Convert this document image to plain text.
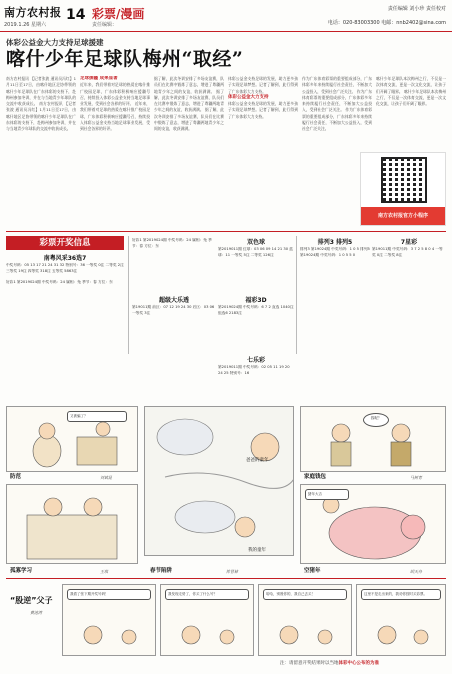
南方农村报
2019.1.26 星期六
14 彩票/漫画
责任编辑：
责任编辑 刘小珍 责任校对
电话：020-83003300 电邮：nnb2402@sina.com
体彩公益金大力支持足球援建
喀什少年足球队梅州“取经”
南方农村报讯 【记者张波 通讯员冯红】1月11日至17日，由喀什地区足协带领的喀什少年足球队在广东体彩的支持下，赴梅州参加冬训，并在与当地青少年球队的交流中收获成长。 南方农村报讯 【记者张波 通讯员冯红】1月11日至17日，由喀什地区足协带领的喀什少年足球队在广东体彩的支持下，赴梅州参加冬训，并在与当地青少年球队的交流中收获成长。
足球援疆 成果显著
近年来，我们带着对足球的热爱在喀什推广校园足球，广东体彩积极响应援疆号召，持续投入体彩公益金支持当地足球事业发展，受到社会各界的好评。 近年来，我们带着对足球的热爱在喀什推广校园足球，广东体彩积极响应援疆号召，持续投入体彩公益金支持当地足球事业发展，受到社会各界的好评。
据了解，此次冬训安排了多场友谊赛，队员们在比赛中锻炼了意志，增进了粤疆两地青少年之间的友谊，收获满满。 据了解，此次冬训安排了多场友谊赛，队员们在比赛中锻炼了意志，增进了粤疆两地青少年之间的友谊，收获满满。 据了解，此次冬训安排了多场友谊赛，队员们在比赛中锻炼了意志，增进了粤疆两地青少年之间的友谊，收获满满。
体彩公益金支持足球的发展，助力更多孩子实现足球梦想。记者了解到，此行得到了广东体彩大力支持。
体彩公益金大力支持
体彩公益金支持足球的发展，助力更多孩子实现足球梦想。记者了解到，此行得到了广东体彩大力支持。
作为广东体育彩票的重要组成部分，广东体彩多年来持续履行社会责任，不断加大公益投入，受到社会广泛关注。 作为广东体育彩票的重要组成部分，广东体彩多年来持续履行社会责任，不断加大公益投入，受到社会广泛关注。 作为广东体育彩票的重要组成部分，广东体彩多年来持续履行社会责任，不断加大公益投入，受到社会广泛关注。
喀什少年足球队本次梅州之行，不仅是一次体育交流，更是一次文化交流，让孩子们开阔了眼界。 喀什少年足球队本次梅州之行，不仅是一次体育交流，更是一次文化交流，让孩子们开阔了眼界。
南方农村报官方小程序
彩票开奖信息
南粤风采36选7
中奖号码：05 13 17 21 24 31 32 特别号：36 一等奖 0注 二等奖 2注 三等奖 19注 四等奖 318注 五等奖 5863注
好彩1 第2019024期 中奖号码：24 属相：兔 季节：春 方位：东
好彩1 第2019024期 中奖号码：24 属相：兔 季节：春 方位：东	双色球
第2019011期 红球：03 06 09 14 21 30 蓝球：11 一等奖 5注 二等奖 126注
福彩3D
第2019024期 中奖号码：6 7 2 直选 1040注 组选6 2183注
超级大乐透
第19011期 前区：07 12 19 24 30 后区：03 06 一等奖 3注
七乐彩
第2019011期 中奖号码：02 05 11 19 20 24 25 特别号：16
排列3 排列5
排列3 第19024期 中奖号码：1 0 5 排列5 第19024期 中奖号码：1 0 5 5 0
7星彩
第19011期 中奖号码：3 7 2 5 8 0 4 一等奖 0注 二等奖 8注
又被骗了？
防范	刘斌昆
爸爸的童年
我的童年
钱呢？
家庭钱包	马树青
孤寡学习	王琪
猪年大吉
空猪年	胡天舟
春节陷阱	徐冒林
“股逆”父子
费池湾
我看了张下期开奖号码！	我发现走势了，你买了什么号？	哈哈，别涨你的，我自己去买！	这里不是走出来的，我劝你按时买彩票。
注：请留意开奖结果时以当地体彩中心公布的为准
